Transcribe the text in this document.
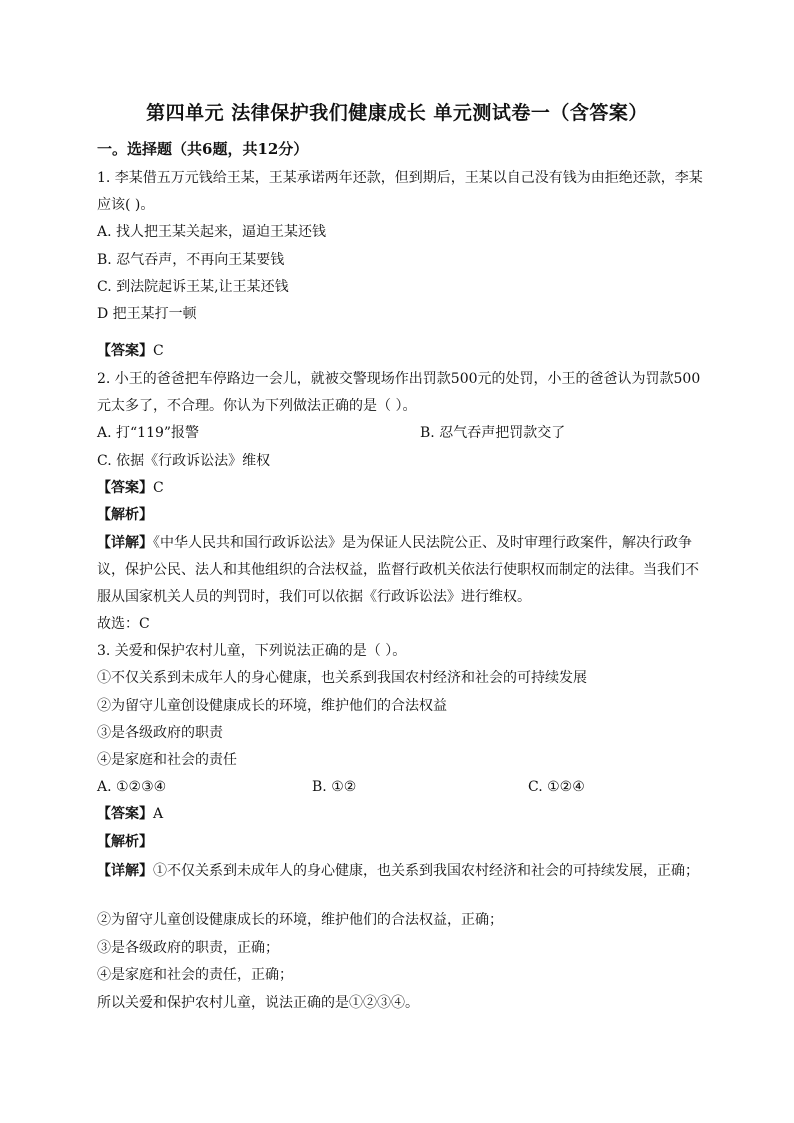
第四单元 法律保护我们健康成长 单元测试卷一（含答案）
一。选择题（共6题，共12分）
1. 李某借五万元钱给王某，王某承诺两年还款，但到期后，王某以自己没有钱为由拒绝还款，李某
应该( )。
A. 找人把王某关起来，逼迫王某还钱
B. 忍气吞声，不再向王某要钱
C. 到法院起诉王某,让王某还钱
D 把王某打一顿
【答案】C
2. 小王的爸爸把车停路边一会儿，就被交警现场作出罚款500元的处罚，小王的爸爸认为罚款500
元太多了，不合理。你认为下列做法正确的是（ ）。
A. 打“119”报警	B. 忍气吞声把罚款交了
C. 依据《行政诉讼法》维权
【答案】C
【解析】
【详解】《中华人民共和国行政诉讼法》是为保证人民法院公正、及时审理行政案件，解决行政争
议，保护公民、法人和其他组织的合法权益，监督行政机关依法行使职权而制定的法律。当我们不
服从国家机关人员的判罚时，我们可以依据《行政诉讼法》进行维权。
故选：C
3. 关爱和保护农村儿童，下列说法正确的是（ ）。
①不仅关系到未成年人的身心健康，也关系到我国农村经济和社会的可持续发展
②为留守儿童创设健康成长的环境，维护他们的合法权益
③是各级政府的职责
④是家庭和社会的责任
A. ①②③④	B. ①②	C. ①②④
【答案】A
【解析】
【详解】①不仅关系到未成年人的身心健康，也关系到我国农村经济和社会的可持续发展，正确；
②为留守儿童创设健康成长的环境，维护他们的合法权益，正确；
③是各级政府的职责，正确；
④是家庭和社会的责任，正确；
所以关爱和保护农村儿童，说法正确的是①②③④。
